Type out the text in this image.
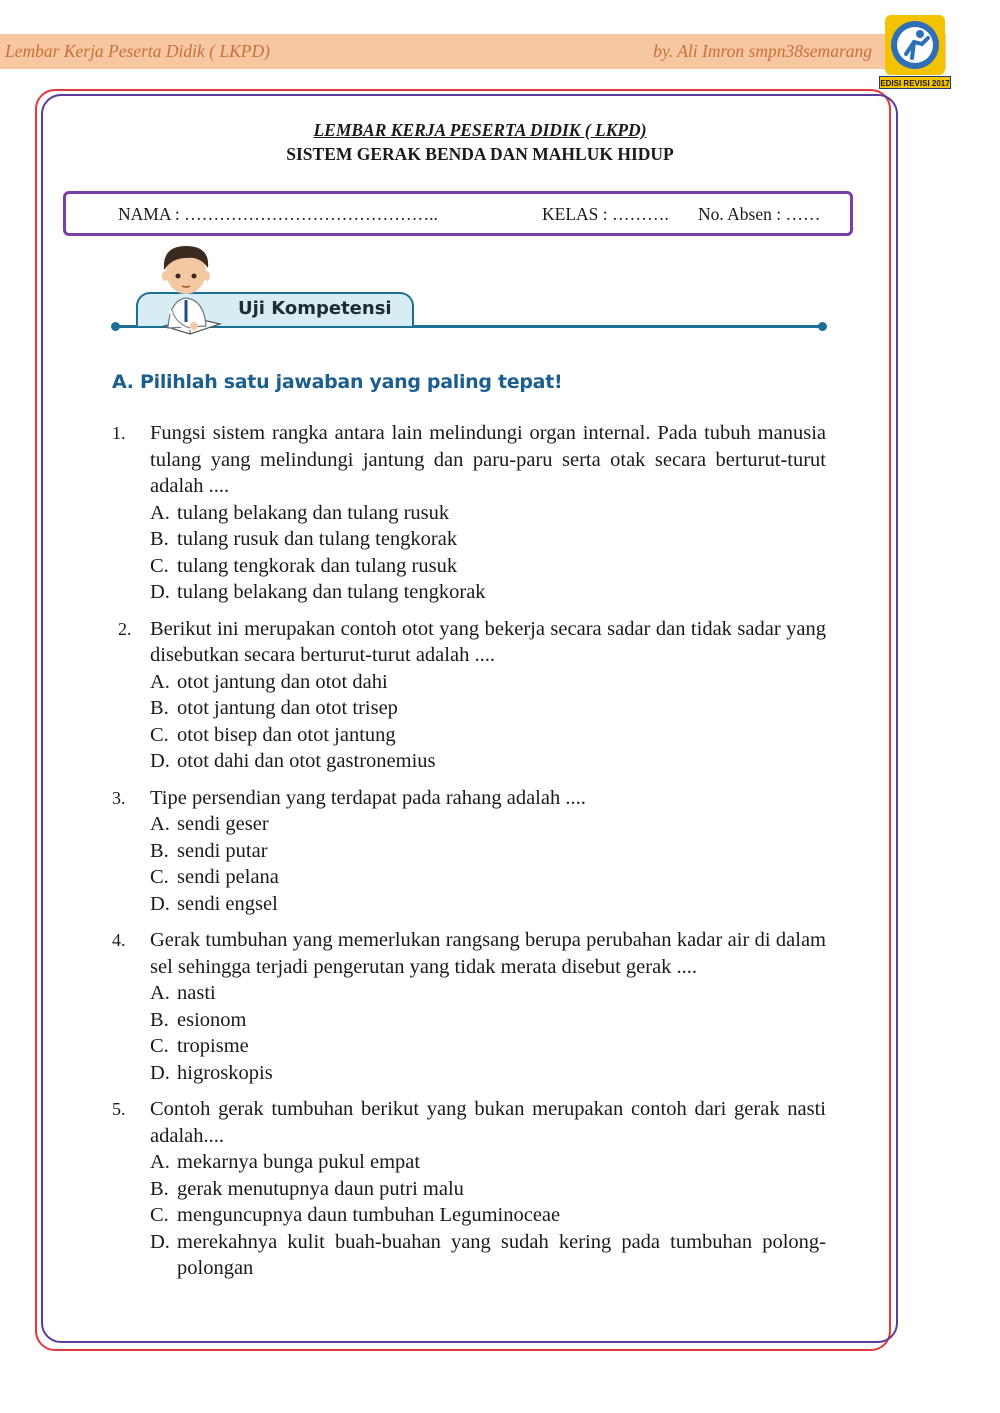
Lembar Kerja Peserta Didik ( LKPD)	by. Ali Imron smpn38semarang
EDISI REVISI 2017
LEMBAR KERJA PESERTA DIDIK ( LKPD)
SISTEM GERAK BENDA DAN MAHLUK HIDUP
NAMA : ……………………………………..	KELAS : ………. No. Absen : ……
Uji Kompetensi
A. Pilihlah satu jawaban yang paling tepat!
1. Fungsi sistem rangka antara lain melindungi organ internal. Pada tubuh manusia tulang yang melindungi jantung dan paru-paru serta otak secara berturut-turut adalah ....
A. tulang belakang dan tulang rusuk
B. tulang rusuk dan tulang tengkorak
C. tulang tengkorak dan tulang rusuk
D. tulang belakang dan tulang tengkorak
2. Berikut ini merupakan contoh otot yang bekerja secara sadar dan tidak sadar yang disebutkan secara berturut-turut adalah ....
A. otot jantung dan otot dahi
B. otot jantung dan otot trisep
C. otot bisep dan otot jantung
D. otot dahi dan otot gastronemius
3. Tipe persendian yang terdapat pada rahang adalah ....
A. sendi geser
B. sendi putar
C. sendi pelana
D. sendi engsel
4. Gerak tumbuhan yang memerlukan rangsang berupa perubahan kadar air di dalam sel sehingga terjadi pengerutan yang tidak merata disebut gerak ....
A. nasti
B. esionom
C. tropisme
D. higroskopis
5. Contoh gerak tumbuhan berikut yang bukan merupakan contoh dari gerak nasti adalah....
A. mekarnya bunga pukul empat
B. gerak menutupnya daun putri malu
C. menguncupnya daun tumbuhan Leguminoceae
D. merekahnya kulit buah-buahan yang sudah kering pada tumbuhan polong-polongan
